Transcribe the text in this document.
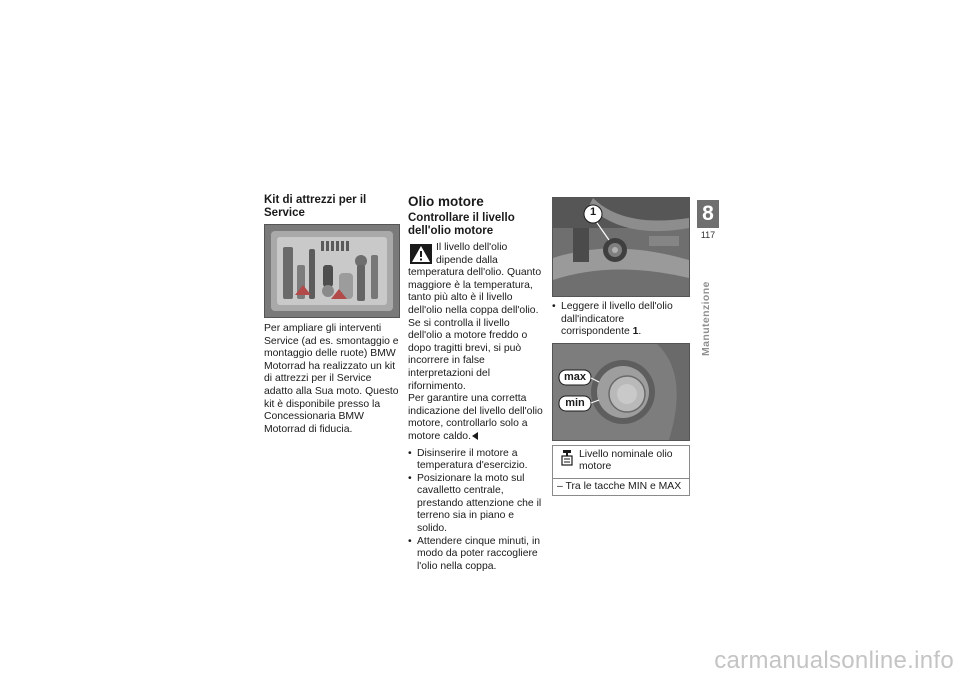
Kit di attrezzi per il Service

Per ampliare gli interventi Service (ad es. smontaggio e montaggio delle ruote) BMW Motorrad ha realizzato un kit di attrezzi per il Service adatto alla Sua moto. Questo kit è disponibile presso la Concessionaria BMW Motorrad di fiducia.

Olio motore
Controllare il livello dell'olio motore

Il livello dell'olio dipende dalla temperatura dell'olio. Quanto maggiore è la temperatura, tanto più alto è il livello dell'olio nella coppa dell'olio. Se si controlla il livello dell'olio a motore freddo o dopo tragitti brevi, si può incorrere in false interpretazioni del rifornimento.

Per garantire una corretta indicazione del livello dell'olio motore, controllarlo solo a motore caldo.

• Disinserire il motore a temperatura d'esercizio.
• Posizionare la moto sul cavalletto centrale, prestando attenzione che il terreno sia in piano e solido.
• Attendere cinque minuti, in modo da poter raccogliere l'olio nella coppa.
1
• Leggere il livello dell'olio dall'indicatore corrispondente 1.
max
min
Livello nominale olio motore
– Tra le tacche MIN e MAX
8
117
Manutenzione
carmanualsonline.info
